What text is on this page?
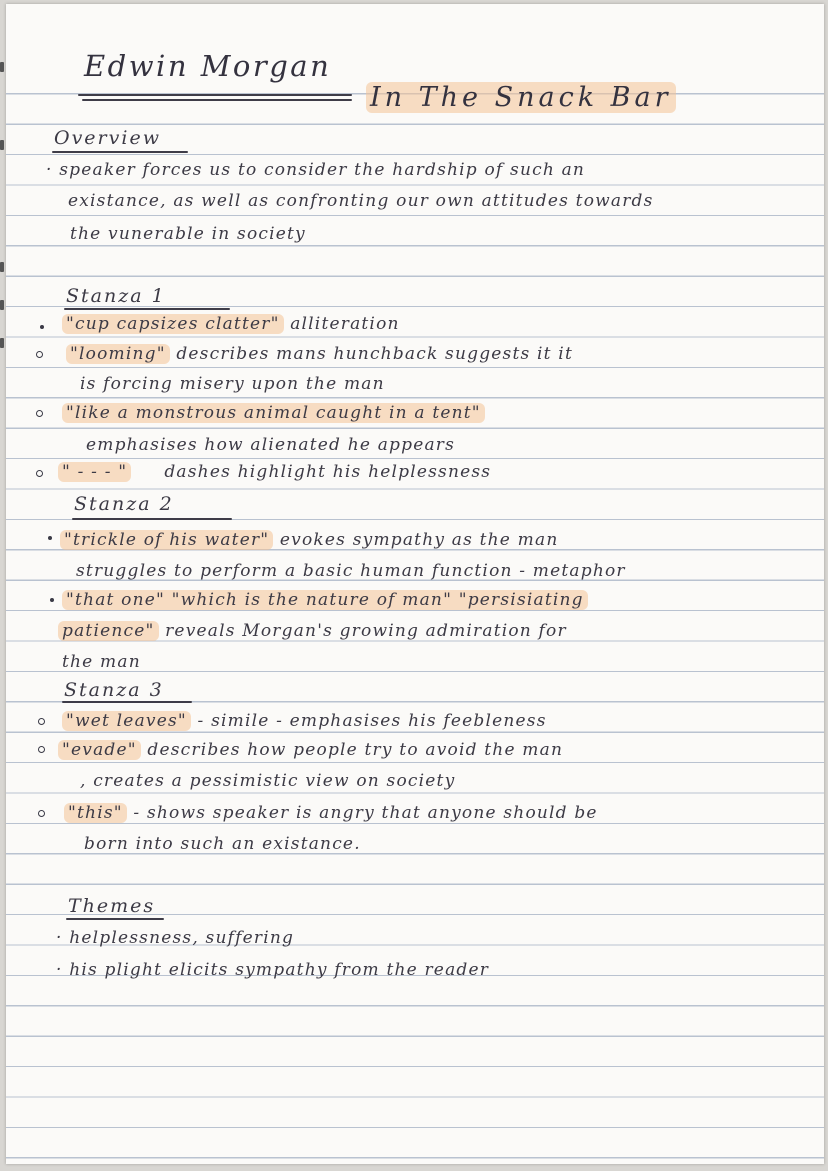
Edwin Morgan
In The Snack Bar
Overview
· speaker forces us to consider the hardship of such an
existance, as well as confronting our own attitudes towards
the vunerable in society
Stanza 1
"cup capsizes clatter" alliteration
"looming" describes mans hunchback suggests it it
is forcing misery upon the man
"like a monstrous animal caught in a tent"
emphasises how alienated he appears
" - - - " dashes highlight his helplessness
Stanza 2
"trickle of his water" evokes sympathy as the man
struggles to perform a basic human function - metaphor
"that one" "which is the nature of man" "persisiating
patience" reveals Morgan's growing admiration for
the man
Stanza 3
"wet leaves" - simile - emphasises his feebleness
"evade" describes how people try to avoid the man
, creates a pessimistic view on society
"this" - shows speaker is angry that anyone should be
born into such an existance.
Themes
· helplessness, suffering
· his plight elicits sympathy from the reader
